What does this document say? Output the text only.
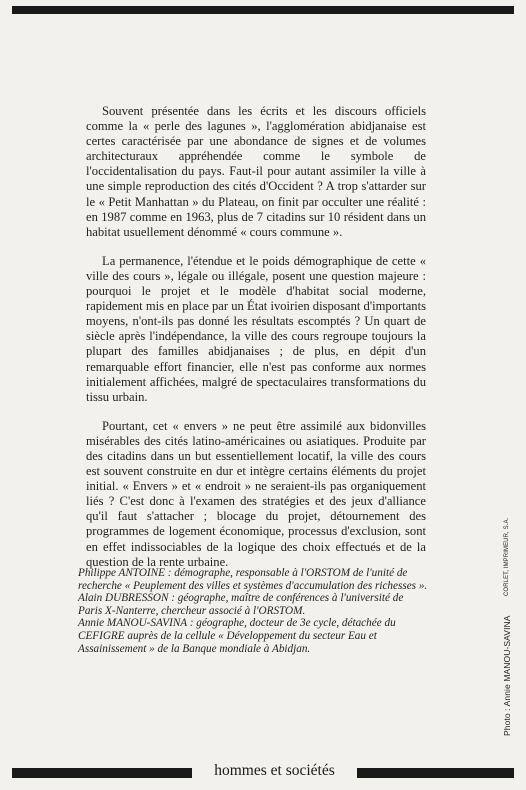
Souvent présentée dans les écrits et les discours officiels comme la « perle des lagunes », l'agglomération abidjanaise est certes caractérisée par une abondance de signes et de volumes architecturaux appréhendée comme le symbole de l'occidentalisation du pays. Faut-il pour autant assimiler la ville à une simple reproduction des cités d'Occident ? A trop s'attarder sur le « Petit Manhattan » du Plateau, on finit par occulter une réalité : en 1987 comme en 1963, plus de 7 citadins sur 10 résident dans un habitat usuellement dénommé « cours commune ».

La permanence, l'étendue et le poids démographique de cette « ville des cours », légale ou illégale, posent une question majeure : pourquoi le projet et le modèle d'habitat social moderne, rapidement mis en place par un État ivoirien disposant d'importants moyens, n'ont-ils pas donné les résultats escomptés ? Un quart de siècle après l'indépendance, la ville des cours regroupe toujours la plupart des familles abidjanaises ; de plus, en dépit d'un remarquable effort financier, elle n'est pas conforme aux normes initialement affichées, malgré de spectaculaires transformations du tissu urbain.

Pourtant, cet « envers » ne peut être assimilé aux bidonvilles misérables des cités latino-américaines ou asiatiques. Produite par des citadins dans un but essentiellement locatif, la ville des cours est souvent construite en dur et intègre certains éléments du projet initial. « Envers » et « endroit » ne seraient-ils pas organiquement liés ? C'est donc à l'examen des stratégies et des jeux d'alliance qu'il faut s'attacher ; blocage du projet, détournement des programmes de logement économique, processus d'exclusion, sont en effet indissociables de la logique des choix effectués et de la question de la rente urbaine.

Philippe ANTOINE : démographe, responsable à l'ORSTOM de l'unité de recherche « Peuplement des villes et systèmes d'accumulation des richesses ».

Alain DUBRESSON : géographe, maître de conférences à l'université de Paris X-Nanterre, chercheur associé à l'ORSTOM.

Annie MANOU-SAVINA : géographe, docteur de 3e cycle, détachée du CEFIGRE auprès de la cellule « Développement du secteur Eau et Assainissement » de la Banque mondiale à Abidjan.	Photo : Annie MANOU-SAVINA
CORLET, IMPRIMEUR, S.A.
hommes et sociétés
